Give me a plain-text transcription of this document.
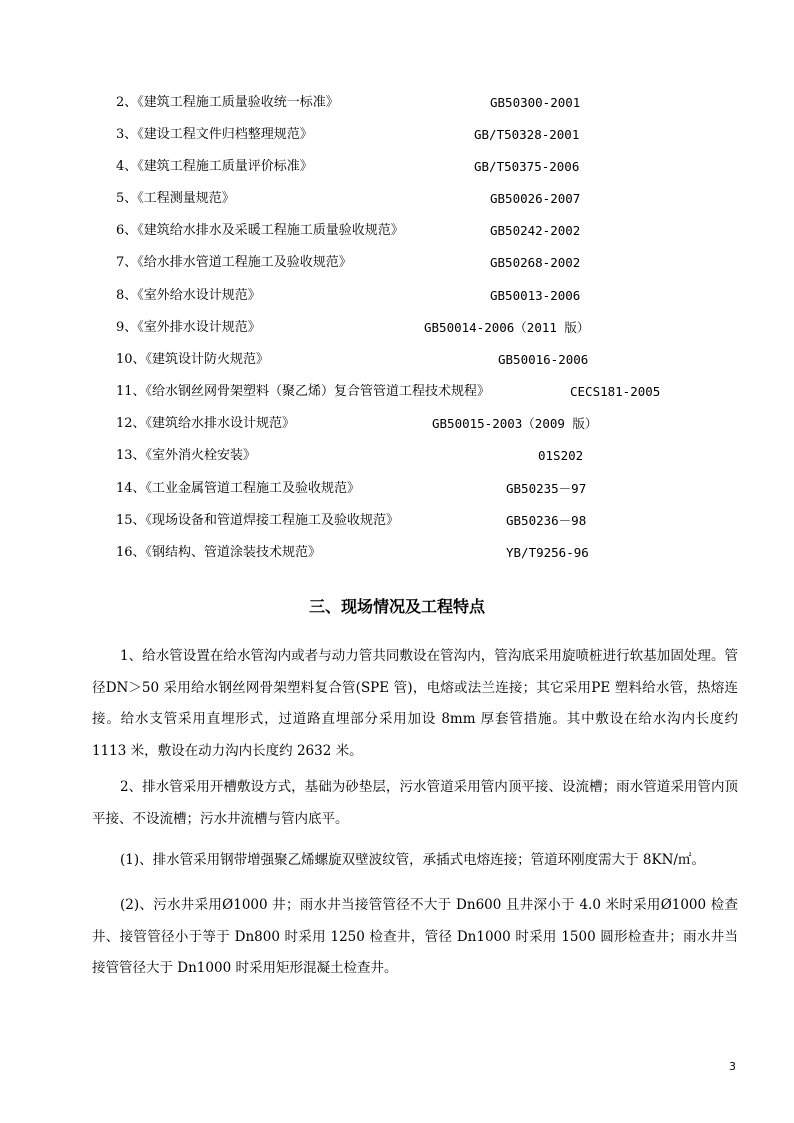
2、《建筑工程施工质量验收统一标准》	GB50300-2001
3、《建设工程文件归档整理规范》	GB/T50328-2001
4、《建筑工程施工质量评价标准》	GB/T50375-2006
5、《工程测量规范》	GB50026-2007
6、《建筑给水排水及采暖工程施工质量验收规范》	GB50242-2002
7、《给水排水管道工程施工及验收规范》	GB50268-2002
8、《室外给水设计规范》	GB50013-2006
9、《室外排水设计规范》	GB50014-2006（2011 版）
10、《建筑设计防火规范》	GB50016-2006
11、《给水钢丝网骨架塑料（聚乙烯）复合管管道工程技术规程》	CECS181-2005
12、《建筑给水排水设计规范》	GB50015-2003（2009 版）
13、《室外消火栓安装》	01S202
14、《工业金属管道工程施工及验收规范》	GB50235－97
15、《现场设备和管道焊接工程施工及验收规范》	GB50236－98
16、《钢结构、管道涂装技术规范》	YB/T9256-96
三、现场情况及工程特点
1、给水管设置在给水管沟内或者与动力管共同敷设在管沟内，管沟底采用旋喷桩进行软基加固处理。管径DN＞50 采用给水钢丝网骨架塑料复合管(SPE 管)，电熔或法兰连接；其它采用PE 塑料给水管，热熔连接。给水支管采用直埋形式，过道路直埋部分采用加设 8mm 厚套管措施。其中敷设在给水沟内长度约 1113 米，敷设在动力沟内长度约 2632 米。
2、排水管采用开槽敷设方式，基础为砂垫层，污水管道采用管内顶平接、设流槽；雨水管道采用管内顶平接、不设流槽；污水井流槽与管内底平。
(1)、排水管采用钢带增强聚乙烯螺旋双壁波纹管，承插式电熔连接；管道环刚度需大于 8KN/㎡。
(2)、污水井采用Ø1000 井；雨水井当接管管径不大于 Dn600 且井深小于 4.0 米时采用Ø1000 检查井、接管管径小于等于 Dn800 时采用 1250 检查井，管径 Dn1000 时采用 1500 圆形检查井；雨水井当接管管径大于 Dn1000 时采用矩形混凝土检查井。
3
